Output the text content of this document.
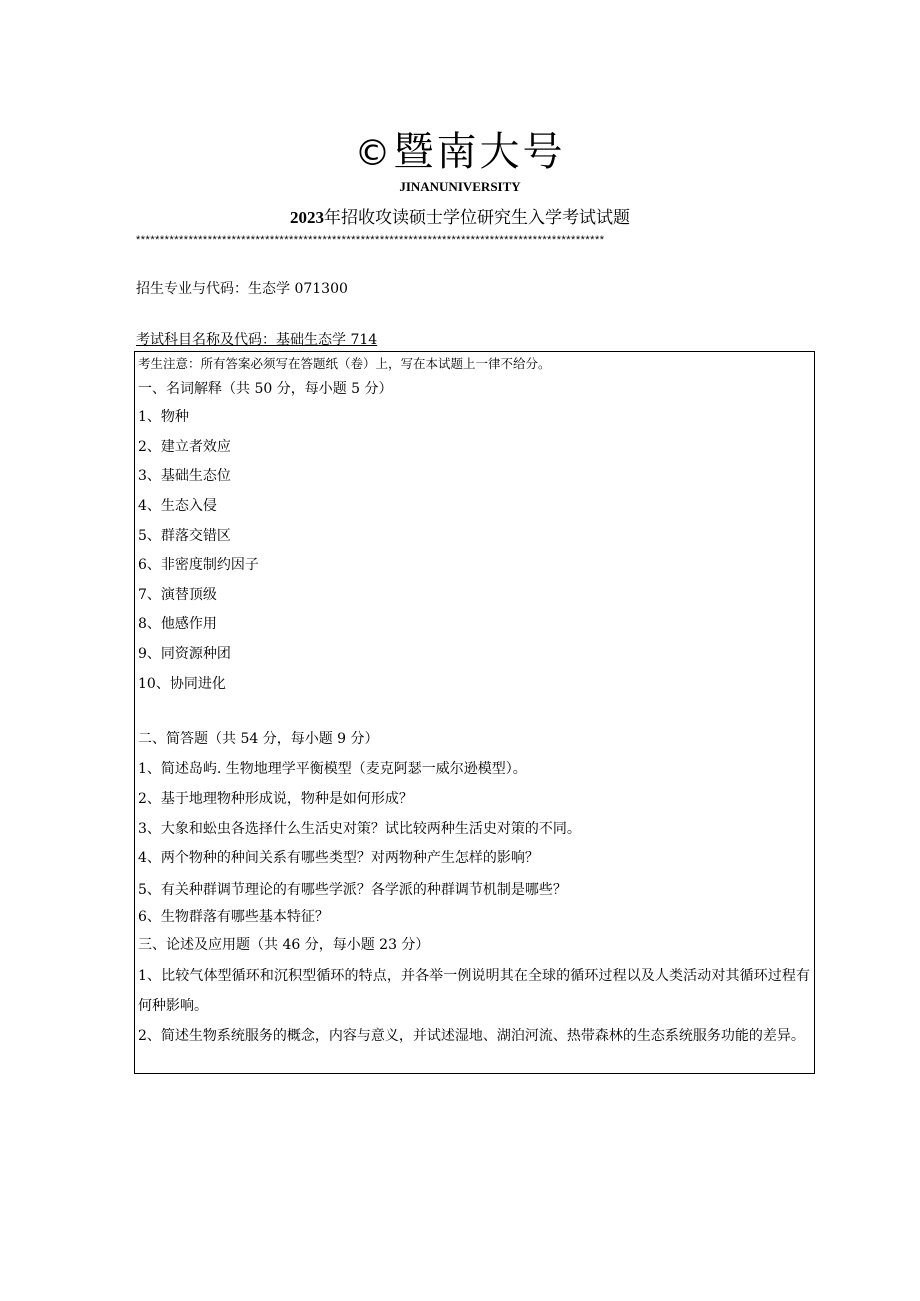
©暨南大号
JINANUNIVERSITY
2023年招收攻读硕士学位研究生入学考试试题
**************************************************************************************************
招生专业与代码：生态学 071300
考试科目名称及代码：基础生态学 714
考生注意：所有答案必须写在答题纸（卷）上，写在本试题上一律不给分。
一、名词解释（共 50 分，每小题 5 分）
1、物种
2、建立者效应
3、基础生态位
4、生态入侵
5、群落交错区
6、非密度制约因子
7、演替顶级
8、他感作用
9、同资源种团
10、协同进化
二、简答题（共 54 分，每小题 9 分）
1、简述岛屿. 生物地理学平衡模型（麦克阿瑟一威尔逊模型）。
2、基于地理物种形成说，物种是如何形成？
3、大象和蚣虫各选择什么生活史对策？试比较两种生活史对策的不同。
4、两个物种的种间关系有哪些类型？对两物种产生怎样的影响？
5、有关种群调节理论的有哪些学派？各学派的种群调节机制是哪些？
6、生物群落有哪些基本特征？
三、论述及应用题（共 46 分，每小题 23 分）
1、比较气体型循环和沉积型循环的特点，并各举一例说明其在全球的循环过程以及人类活动对其循环过程有何种影响。
2、简述生物系统服务的概念，内容与意义，并试述湿地、湖泊河流、热带森林的生态系统服务功能的差异。
